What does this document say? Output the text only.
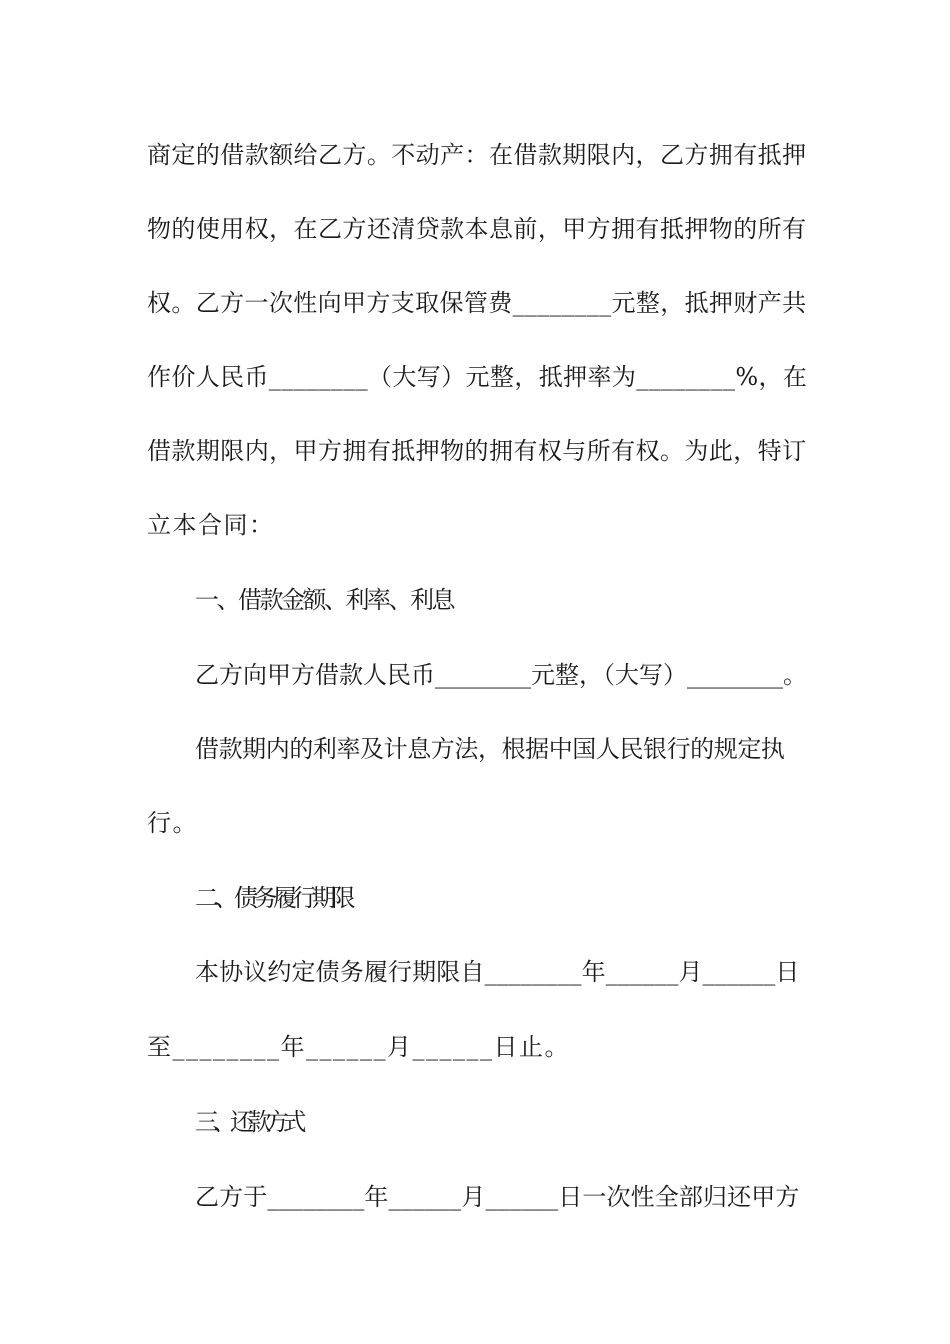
商定的借款额给乙方。不动产：在借款期限内，乙方拥有抵押
物的使用权，在乙方还清贷款本息前，甲方拥有抵押物的所有
权。乙方一次性向甲方支取保管费________元整，抵押财产共
作价人民币________（大写）元整，抵押率为________%，在
借款期限内，甲方拥有抵押物的拥有权与所有权。为此，特订
立本合同：
一、借款金额、利率、利息
乙方向甲方借款人民币________元整，（大写）________。
借款期内的利率及计息方法，根据中国人民银行的规定执
行。
二、债务履行期限
本协议约定债务履行期限自________年______月______日
至________年______月______日止。
三、还款方式
乙方于________年______月______日一次性全部归还甲方
